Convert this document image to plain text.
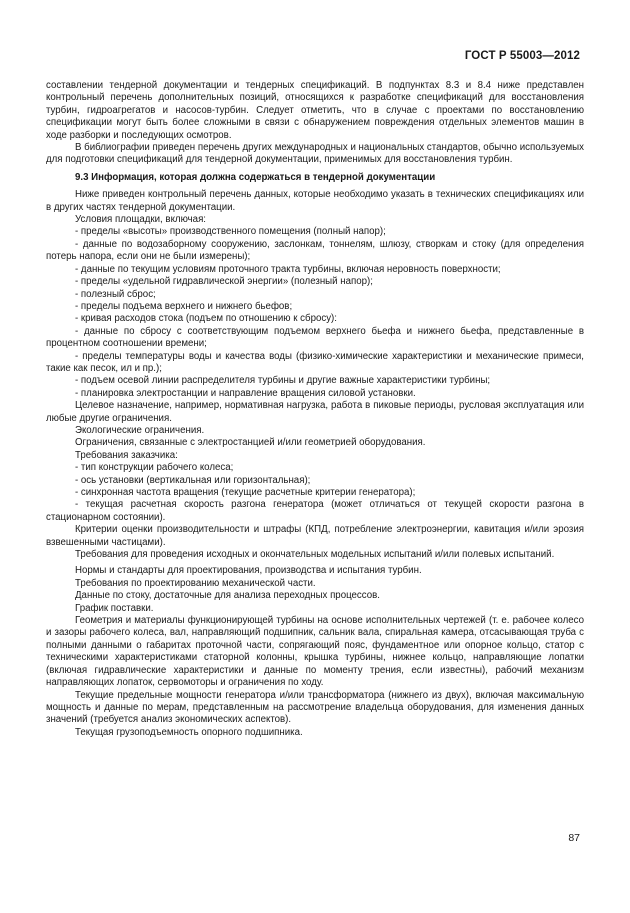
ГОСТ Р 55003—2012

составлении тендерной документации и тендерных спецификаций. В подпунктах 8.3 и 8.4 ниже представлен контрольный перечень дополнительных позиций, относящихся к разработке спецификаций для восстановления турбин, гидроагрегатов и насосов-турбин. Следует отметить, что в случае с проектами по восстановлению спецификации могут быть более сложными в связи с обнаружением повреждения отдельных элементов машин в ходе разборки и последующих осмотров.

В библиографии приведен перечень других международных и национальных стандартов, обычно используемых для подготовки спецификаций для тендерной документации, применимых для восстановления турбин.

9.3 Информация, которая должна содержаться в тендерной документации

Ниже приведен контрольный перечень данных, которые необходимо указать в технических спецификациях или в других частях тендерной документации.

Условия площадки, включая:

- пределы «высоты» производственного помещения (полный напор);

- данные по водозаборному сооружению, заслонкам, тоннелям, шлюзу, створкам и стоку (для определения потерь напора, если они не были измерены);

- данные по текущим условиям проточного тракта турбины, включая неровность поверхности;

- пределы «удельной гидравлической энергии» (полезный напор);

- полезный сброс;

- пределы подъема верхнего и нижнего бьефов;

- кривая расходов стока (подъем по отношению к сбросу):

- данные по сбросу с соответствующим подъемом верхнего бьефа и нижнего бьефа, представленные в процентном соотношении времени;

- пределы температуры воды и качества воды (физико-химические характеристики и механические примеси, такие как песок, ил и пр.);

- подъем осевой линии распределителя турбины и другие важные характеристики турбины;

- планировка электростанции и направление вращения силовой установки.

Целевое назначение, например, нормативная нагрузка, работа в пиковые периоды, русловая эксплуатация или любые другие ограничения.

Экологические ограничения.

Ограничения, связанные с электростанцией и/или геометрией оборудования.

Требования заказчика:

- тип конструкции рабочего колеса;

- ось установки (вертикальная или горизонтальная);

- синхронная частота вращения (текущие расчетные критерии генератора);

- текущая расчетная скорость разгона генератора (может отличаться от текущей скорости разгона в стационарном состоянии).

Критерии оценки производительности и штрафы (КПД, потребление электроэнергии, кавитация и/или эрозия взвешенными частицами).

Требования для проведения исходных и окончательных модельных испытаний и/или полевых испытаний.

Нормы и стандарты для проектирования, производства и испытания турбин.

Требования по проектированию механической части.

Данные по стоку, достаточные для анализа переходных процессов.

График поставки.

Геометрия и материалы функционирующей турбины на основе исполнительных чертежей (т. е. рабочее колесо и зазоры рабочего колеса, вал, направляющий подшипник, сальник вала, спиральная камера, отсасывающая труба с полными данными о габаритах проточной части, сопрягающий пояс, фундаментное или опорное кольцо, статор с техническими характеристиками статорной колонны, крышка турбины, нижнее кольцо, направляющие лопатки (включая гидравлические характеристики и данные по моменту трения, если известны), рабочий механизм направляющих лопаток, сервомоторы и ограничения по ходу.

Текущие предельные мощности генератора и/или трансформатора (нижнего из двух), включая максимальную мощность и данные по мерам, представленным на рассмотрение владельца оборудования, для изменения данных значений (требуется анализ экономических аспектов).

Текущая грузоподъемность опорного подшипника.

87
